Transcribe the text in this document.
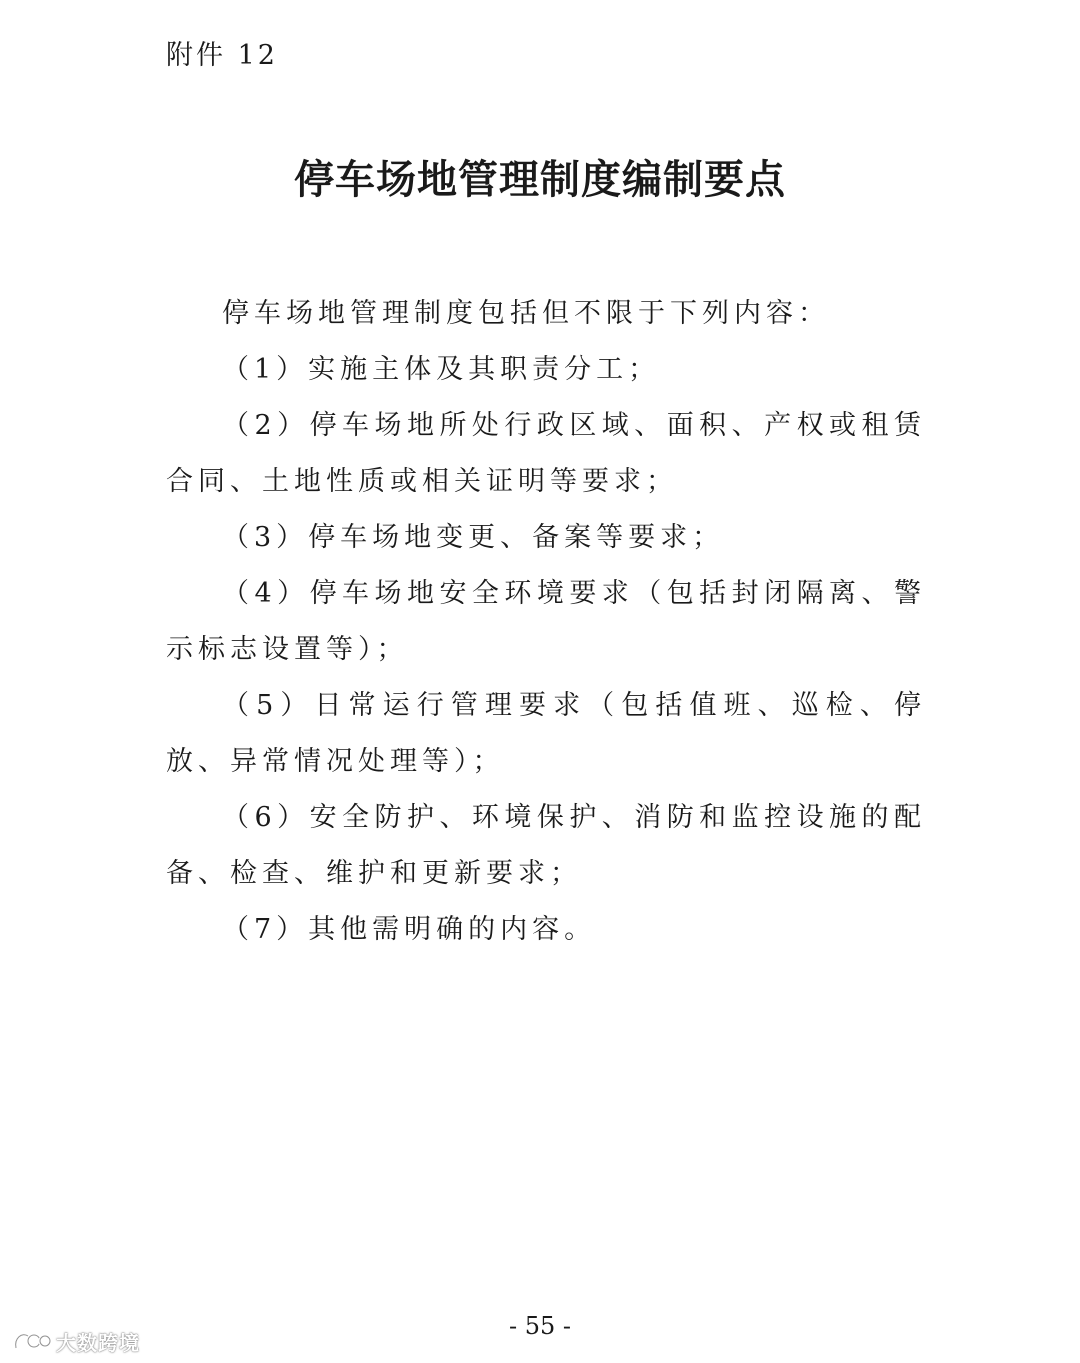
附件 12
停车场地管理制度编制要点

停车场地管理制度包括但不限于下列内容：

（1）实施主体及其职责分工；

（2）停车场地所处行政区域、面积、产权或租赁合同、土地性质或相关证明等要求；

（3）停车场地变更、备案等要求；

（4）停车场地安全环境要求（包括封闭隔离、警示标志设置等）；

（5）日常运行管理要求（包括值班、巡检、停放、异常情况处理等）；

（6）安全防护、环境保护、消防和监控设施的配备、检查、维护和更新要求；

（7）其他需明确的内容。

- 55 -
大数跨境
